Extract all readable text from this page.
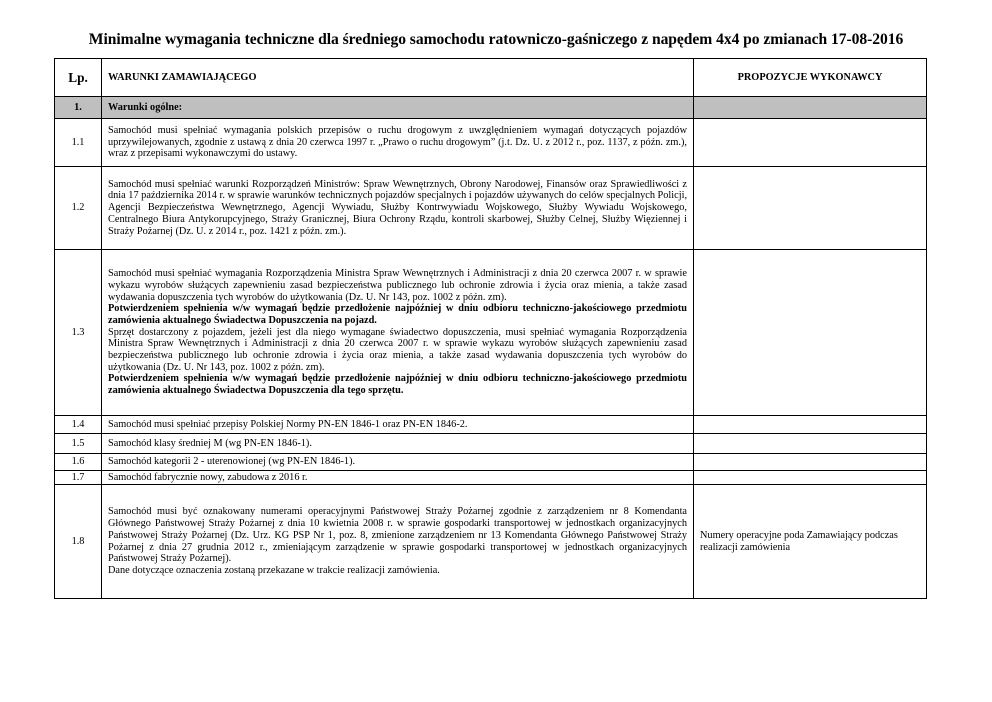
Minimalne wymagania techniczne dla średniego samochodu ratowniczo-gaśniczego z napędem 4x4 po zmianach 17-08-2016
Lp.	WARUNKI ZAMAWIAJĄCEGO	PROPOZYCJE WYKONAWCY
1.	Warunki ogólne:	
1.1	Samochód musi spełniać wymagania polskich przepisów o ruchu drogowym z uwzględnieniem wymagań dotyczących pojazdów uprzywilejowanych, zgodnie z ustawą z dnia 20 czerwca 1997 r. „Prawo o ruchu drogowym” (j.t. Dz. U. z 2012 r., poz. 1137, z późn. zm.), wraz z przepisami wykonawczymi do ustawy.	

1.2	Samochód musi spełniać warunki Rozporządzeń Ministrów: Spraw Wewnętrznych, Obrony Narodowej, Finansów oraz Sprawiedliwości z dnia 17 października 2014 r. w sprawie warunków technicznych pojazdów specjalnych i pojazdów używanych do celów specjalnych Policji, Agencji Bezpieczeństwa Wewnętrznego, Agencji Wywiadu, Służby Kontrwywiadu Wojskowego, Służby Wywiadu Wojskowego, Centralnego Biura Antykorupcyjnego, Straży Granicznej, Biura Ochrony Rządu, kontroli skarbowej, Służby Celnej, Służby Więziennej i Straży Pożarnej (Dz. U. z 2014 r., poz. 1421 z późn. zm.).	

1.3	Samochód musi spełniać wymagania Rozporządzenia Ministra Spraw Wewnętrznych i Administracji z dnia 20 czerwca 2007 r. w sprawie wykazu wyrobów służących zapewnieniu zasad bezpieczeństwa publicznego lub ochronie zdrowia i życia oraz mienia, a także zasad wydawania dopuszczenia tych wyrobów do użytkowania (Dz. U. Nr 143, poz. 1002 z późn. zm).

Potwierdzeniem spełnienia w/w wymagań będzie przedłożenie najpóźniej w dniu odbioru techniczno-jakościowego przedmiotu zamówienia aktualnego Świadectwa Dopuszczenia na pojazd.

Sprzęt dostarczony z pojazdem, jeżeli jest dla niego wymagane świadectwo dopuszczenia, musi spełniać wymagania Rozporządzenia Ministra Spraw Wewnętrznych i Administracji z dnia 20 czerwca 2007 r. w sprawie wykazu wyrobów służących zapewnieniu zasad bezpieczeństwa publicznego lub ochronie zdrowia i życia oraz mienia, a także zasad wydawania dopuszczenia tych wyrobów do użytkowania (Dz. U. Nr 143, poz. 1002 z późn. zm).

Potwierdzeniem spełnienia w/w wymagań będzie przedłożenie najpóźniej w dniu odbioru techniczno-jakościowego przedmiotu zamówienia aktualnego Świadectwa Dopuszczenia dla tego sprzętu.	

1.4	Samochód musi spełniać przepisy Polskiej Normy PN-EN 1846-1 oraz PN-EN 1846-2.	
1.5	Samochód klasy średniej M (wg PN-EN 1846-1).	
1.6	Samochód kategorii 2 - uterenowionej (wg PN-EN 1846-1).	
1.7	Samochód fabrycznie nowy, zabudowa z 2016 r.	
1.8	Samochód musi być oznakowany numerami operacyjnymi Państwowej Straży Pożarnej zgodnie z zarządzeniem nr 8 Komendanta Głównego Państwowej Straży Pożarnej z dnia 10 kwietnia 2008 r. w sprawie gospodarki transportowej w jednostkach organizacyjnych Państwowej Straży Pożarnej (Dz. Urz. KG PSP Nr 1, poz. 8, zmienione zarządzeniem nr 13 Komendanta Głównego Państwowej Straży Pożarnej z dnia 27 grudnia 2012 r., zmieniającym zarządzenie w sprawie gospodarki transportowej w jednostkach organizacyjnych Państwowej Straży Pożarnej).

Dane dotyczące oznaczenia zostaną przekazane w trakcie realizacji zamówienia.	Numery operacyjne poda Zamawiający podczas realizacji zamówienia
